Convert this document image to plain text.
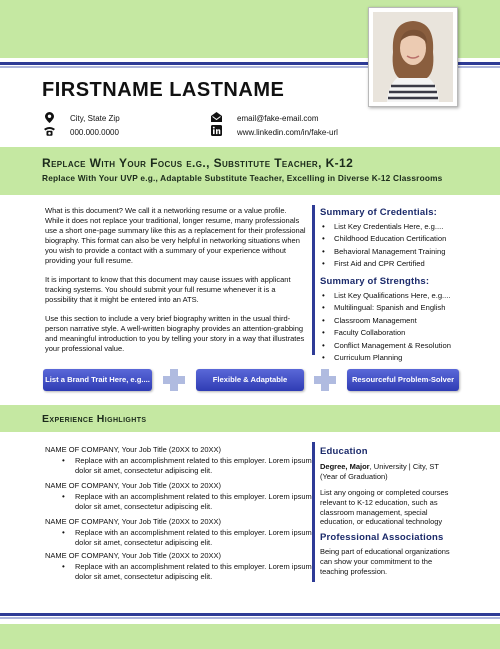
FIRSTNAME LASTNAME
City, State Zip	email@fake-email.com
000.000.0000	www.linkedin.com/in/fake-url
Replace With Your Focus e.g., Substitute Teacher, K-12
Replace With Your UVP e.g., Adaptable Substitute Teacher, Excelling in Diverse K-12 Classrooms

What is this document? We call it a networking resume or a value profile. While it does not replace your traditional, longer resume, many professionals use a short one-page summary like this as a replacement for their professional biography. This format can also be very helpful in networking situations when you wish to provide a contact with a summary of your experience without providing your full resume.

It is important to know that this document may cause issues with applicant tracking systems. You should submit your full resume whenever it is a possibility that it might be entered into an ATS.

Use this section to include a very brief biography written in the usual third-person narrative style. A well-written biography provides an attention-grabbing and meaningful introduction to you by telling your story in a way that illustrates your professional value.

Summary of Credentials:
• List Key Credentials Here, e.g....
• Childhood Education Certification
• Behavioral Management Training
• First Aid and CPR Certified
Summary of Strengths:
• List Key Qualifications Here, e.g....
• Multilingual: Spanish and English
• Classroom Management
• Faculty Collaboration
• Conflict Management & Resolution
• Curriculum Planning
List a Brand Trait Here, e.g....	Flexible & Adaptable	Resourceful Problem-Solver
Experience Highlights
NAME OF COMPANY, Your Job Title (20XX to 20XX)
• Replace with an accomplishment related to this employer. Lorem ipsum dolor sit amet, consectetur adipiscing elit.
NAME OF COMPANY, Your Job Title (20XX to 20XX)
• Replace with an accomplishment related to this employer. Lorem ipsum dolor sit amet, consectetur adipiscing elit.
NAME OF COMPANY, Your Job Title (20XX to 20XX)
• Replace with an accomplishment related to this employer. Lorem ipsum dolor sit amet, consectetur adipiscing elit.
NAME OF COMPANY, Your Job Title (20XX to 20XX)
• Replace with an accomplishment related to this employer. Lorem ipsum dolor sit amet, consectetur adipiscing elit.
Education
Degree, Major, University | City, ST
(Year of Graduation)

List any ongoing or completed courses relevant to K-12 education, such as classroom management, special education, or educational technology

Professional Associations

Being part of educational organizations can show your commitment to the teaching profession.
